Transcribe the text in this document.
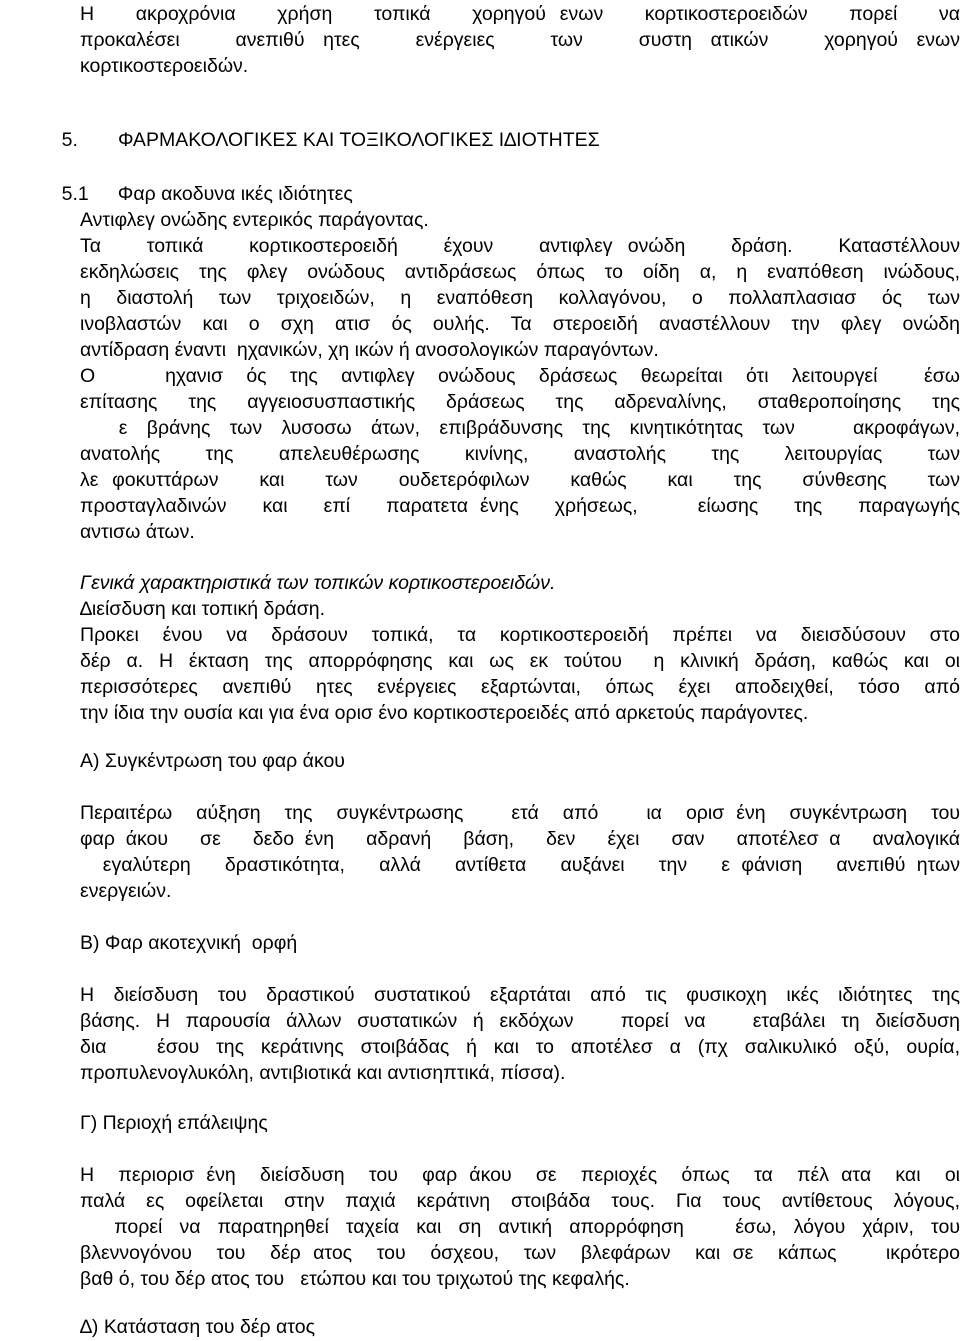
Η   ακροχρόνια   χρήση   τοπικά   χορηγού ενων   κορτικοστεροειδών   πορεί   να
προκαλέσει   ανεπιθύ ητες   ενέργειες   των   συστη ατικών   χορηγού ενων
κορτικοστεροειδών.

5. ΦΑΡΜΑΚΟΛΟΓΙΚΕΣ ΚΑΙ ΤΟΞΙΚΟΛΟΓΙΚΕΣ Ι∆ΙΟΤΗΤΕΣ

5.1 Φαρ ακοδυνα ικές ιδιότητες

Αντιφλεγ ονώδης εντερικός παράγοντας.
Τα   τοπικά   κορτικοστεροειδή   έχουν   αντιφλεγ ονώδη   δράση.   Καταστέλλουν
εκδηλώσεις της φλεγ ονώδους αντιδράσεως όπως το οίδη α, η εναπόθεση ινώδους,
η διαστολή των τριχοειδών, η εναπόθεση κολλαγόνου, ο πολλαπλασιασ ός των
ινοβλαστών και ο σχη ατισ ός ουλής. Τα στεροειδή αναστέλλουν την φλεγ ονώδη
αντίδραση έναντι  ηχανικών, χη ικών ή ανοσολογικών παραγόντων.
Ο   ηχανισ ός της αντιφλεγ ονώδους δράσεως θεωρείται ότι λειτουργεί  έσω
επίτασης της αγγειοσυσπαστικής δράσεως της αδρεναλίνης, σταθεροποίησης της
ε βράνης των λυσοσω άτων, επιβράδυνσης της κινητικότητας των   ακροφάγων,
ανατολής   της   απελευθέρωσης   κινίνης,   αναστολής   της   λειτουργίας   των
λε φοκυττάρων   και   των   ουδετερόφιλων   καθώς   και   της   σύνθεσης   των
προσταγλαδινών   και   επί   παρατετα ένης   χρήσεως,     είωσης   της   παραγωγής
αντισω άτων.
Γενικά χαρακτηριστικά των τοπικών κορτικοστεροειδών.
∆ιείσδυση και τοπική δράση.
Προκει ένου να δράσουν τοπικά, τα κορτικοστεροειδή πρέπει να διεισδύσουν στο
δέρ α. Η έκταση της απορρόφησης και ως εκ τούτου  η κλινική δράση, καθώς και οι
περισσότερες ανεπιθύ ητες ενέργειες εξαρτώνται, όπως έχει αποδειχθεί, τόσο από
την ίδια την ουσία και για ένα ορισ ένο κορτικοστεροειδές από αρκετούς παράγοντες.
Α) Συγκέντρωση του φαρ άκου
Περαιτέρω  αύξηση  της  συγκέντρωσης    ετά  από    ια  ορισ ένη  συγκέντρωση  του
φαρ άκου   σε   δεδο ένη   αδρανή   βάση,   δεν   έχει   σαν   αποτέλεσ α   αναλογικά
εγαλύτερη   δραστικότητα,   αλλά   αντίθετα   αυξάνει   την   ε φάνιση   ανεπιθύ ητων
ενεργειών.
Β) Φαρ ακοτεχνική  ορφή
Η διείσδυση του δραστικού συστατικού εξαρτάται από τις φυσικοχη ικές ιδιότητες της
βάσης. Η παρουσία άλλων συστατικών ή εκδόχων   πορεί να   εταβάλει τη διείσδυση
δια   έσου της κεράτινης στοιβάδας ή και το αποτέλεσ α (πχ σαλικυλικό οξύ, ουρία,
προπυλενογλυκόλη, αντιβιοτικά και αντισηπτικά, πίσσα).
Γ) Περιοχή επάλειψης
Η  περιορισ ένη  διείσδυση  του  φαρ άκου  σε  περιοχές  όπως  τα  πέλ ατα  και  οι
παλά ες οφείλεται στην παχιά κεράτινη στοιβάδα τους. Για τους αντίθετους λόγους,
πορεί να παρατηρηθεί ταχεία και ση αντική απορρόφηση   έσω, λόγου χάριν, του
βλεννογόνου  του  δέρ ατος  του  όσχεου,  των  βλεφάρων  και σε  κάπως    ικρότερο
βαθ ό, του δέρ ατος του   ετώπου και του τριχωτού της κεφαλής.
∆) Κατάσταση του δέρ ατος
